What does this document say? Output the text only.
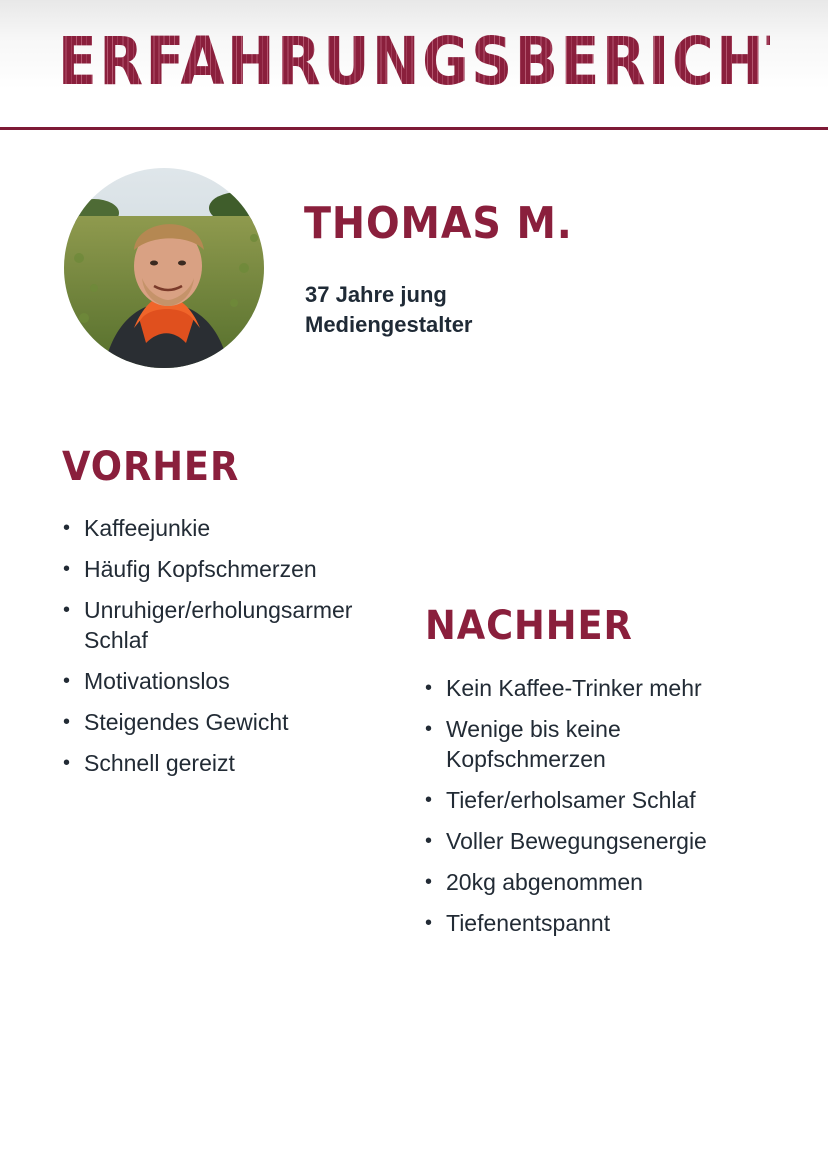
ERFAHRUNGSBERICHT
THOMAS M.
37 Jahre jung
Mediengestalter
VORHER
• Kaffeejunkie
• Häufig Kopfschmerzen
• Unruhiger/erholungsarmer Schlaf
• Motivationslos
• Steigendes Gewicht
• Schnell gereizt
NACHHER
• Kein Kaffee-Trinker mehr
• Wenige bis keine Kopfschmerzen
• Tiefer/erholsamer Schlaf
• Voller Bewegungsenergie
• 20kg abgenommen
• Tiefenentspannt
